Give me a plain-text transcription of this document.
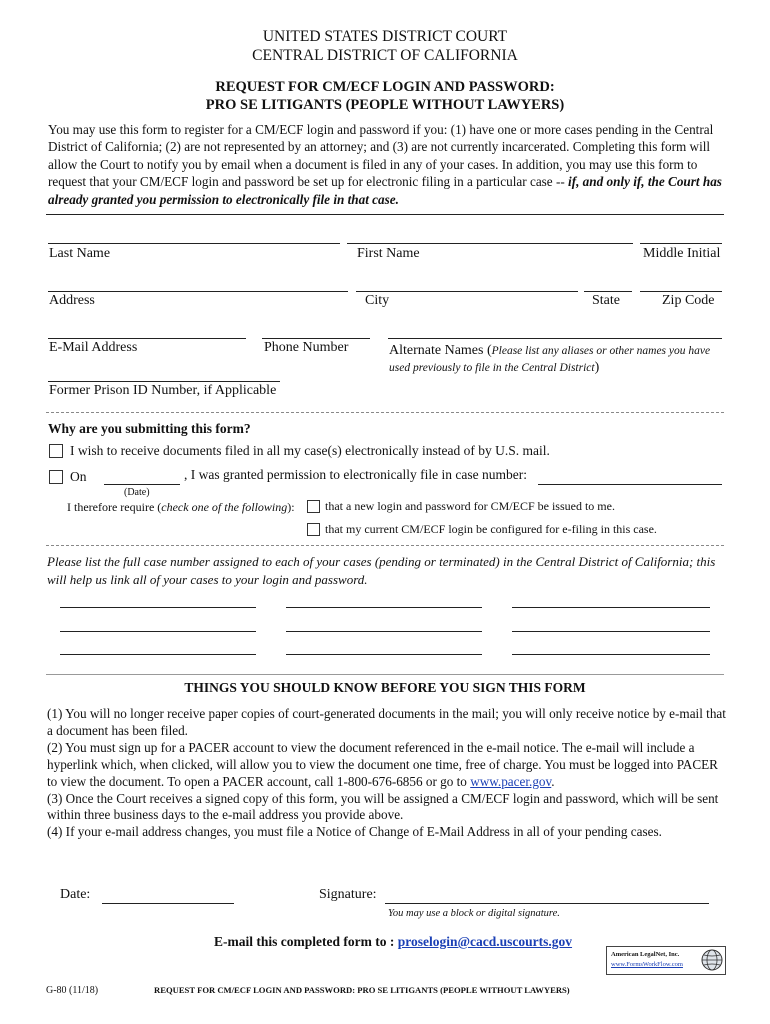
UNITED STATES DISTRICT COURT
CENTRAL DISTRICT OF CALIFORNIA
REQUEST FOR CM/ECF LOGIN AND PASSWORD:
PRO SE LITIGANTS (PEOPLE WITHOUT LAWYERS)
You may use this form to register for a CM/ECF login and password if you: (1) have one or more cases pending in the Central District of California; (2) are not represented by an attorney; and (3) are not currently incarcerated. Completing this form will allow the Court to notify you by email when a document is filed in any of your cases. In addition, you may use this form to request that your CM/ECF login and password be set up for electronic filing in a particular case -- if, and only if, the Court has already granted you permission to electronically file in that case.
Last Name	First Name	Middle Initial
Address	City	State	Zip Code
E-Mail Address	Phone Number	Alternate Names (Please list any aliases or other names you have used previously to file in the Central District)
Former Prison ID Number, if Applicable
Why are you submitting this form?
I wish to receive documents filed in all my case(s) electronically instead of by U.S. mail.
On	, I was granted permission to electronically file in case number:
(Date)
I therefore require (check one of the following):	that a new login and password for CM/ECF be issued to me.
that my current CM/ECF login be configured for e-filing in this case.
Please list the full case number assigned to each of your cases (pending or terminated) in the Central District of California; this will help us link all of your cases to your login and password.
THINGS YOU SHOULD KNOW BEFORE YOU SIGN THIS FORM
(1) You will no longer receive paper copies of court-generated documents in the mail; you will only receive notice by e-mail that a document has been filed.
(2) You must sign up for a PACER account to view the document referenced in the e-mail notice. The e-mail will include a hyperlink which, when clicked, will allow you to view the document one time, free of charge. You must be logged into PACER to view the document. To open a PACER account, call 1-800-676-6856 or go to www.pacer.gov.
(3) Once the Court receives a signed copy of this form, you will be assigned a CM/ECF login and password, which will be sent within three business days to the e-mail address you provide above.
(4) If your e-mail address changes, you must file a Notice of Change of E-Mail Address in all of your pending cases.
Date:	Signature:
You may use a block or digital signature.
E-mail this completed form to : proselogin@cacd.uscourts.gov
American LegalNet, Inc.
www.FormsWorkFlow.com
G-80 (11/18)	REQUEST FOR CM/ECF LOGIN AND PASSWORD: PRO SE LITIGANTS (PEOPLE WITHOUT LAWYERS)
